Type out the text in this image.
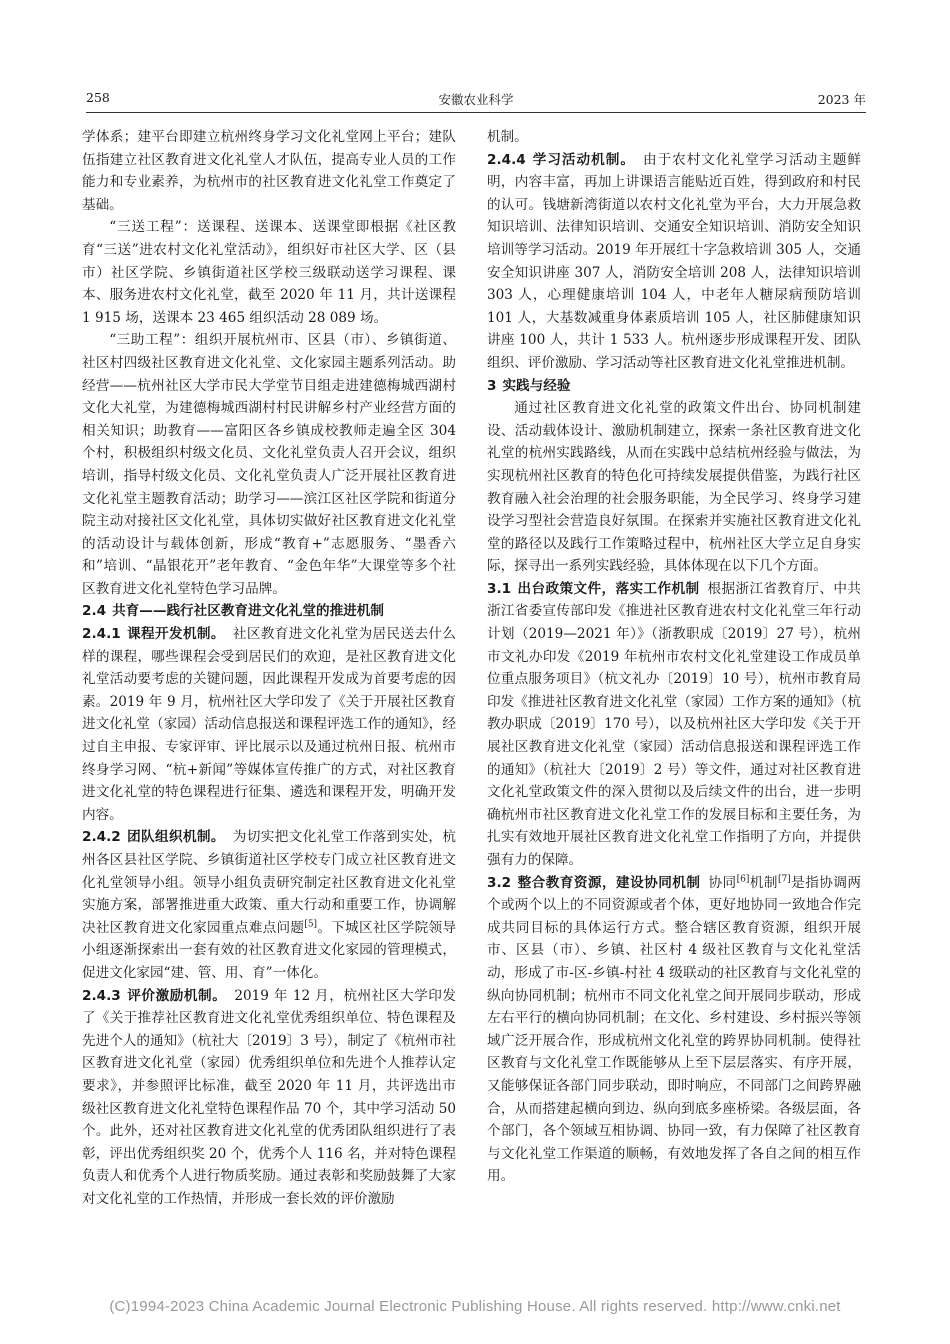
258	安徽农业科学	2023 年

学体系；建平台即建立杭州终身学习文化礼堂网上平台；建队伍指建立社区教育进文化礼堂人才队伍，提高专业人员的工作能力和专业素养，为杭州市的社区教育进文化礼堂工作奠定了基础。

“三送工程”：送课程、送课本、送课堂即根据《社区教育“三送”进农村文化礼堂活动》，组织好市社区大学、区（县市）社区学院、乡镇街道社区学校三级联动送学习课程、课本、服务进农村文化礼堂，截至 2020 年 11 月，共计送课程 1 915 场，送课本 23 465 组织活动 28 089 场。

“三助工程”：组织开展杭州市、区县（市）、乡镇街道、社区村四级社区教育进文化礼堂、文化家园主题系列活动。助经营——杭州社区大学市民大学堂节目组走进建德梅城西湖村文化大礼堂，为建德梅城西湖村村民讲解乡村产业经营方面的相关知识；助教育——富阳区各乡镇成校教师走遍全区 304 个村，积极组织村级文化员、文化礼堂负责人召开会议，组织培训，指导村级文化员、文化礼堂负责人广泛开展社区教育进文化礼堂主题教育活动；助学习——滨江区社区学院和街道分院主动对接社区文化礼堂，具体切实做好社区教育进文化礼堂的活动设计与载体创新，形成“教育+”志愿服务、“墨香六和”培训、“晶银花开”老年教育、“金色年华”大课堂等多个社区教育进文化礼堂特色学习品牌。

2.4 共育——践行社区教育进文化礼堂的推进机制

2.4.1 课程开发机制。 社区教育进文化礼堂为居民送去什么样的课程，哪些课程会受到居民们的欢迎，是社区教育进文化礼堂活动要考虑的关键问题，因此课程开发成为首要考虑的因素。2019 年 9 月，杭州社区大学印发了《关于开展社区教育进文化礼堂（家园）活动信息报送和课程评选工作的通知》，经过自主申报、专家评审、评比展示以及通过杭州日报、杭州市终身学习网、“杭+新闻”等媒体宣传推广的方式，对社区教育进文化礼堂的特色课程进行征集、遴选和课程开发，明确开发内容。

2.4.2 团队组织机制。 为切实把文化礼堂工作落到实处，杭州各区县社区学院、乡镇街道社区学校专门成立社区教育进文化礼堂领导小组。领导小组负责研究制定社区教育进文化礼堂实施方案，部署推进重大政策、重大行动和重要工作，协调解决社区教育进文化家园重点难点问题[5]。下城区社区学院领导小组逐渐探索出一套有效的社区教育进文化家园的管理模式，促进文化家园“建、管、用、育”一体化。

2.4.3 评价激励机制。 2019 年 12 月，杭州社区大学印发了《关于推荐社区教育进文化礼堂优秀组织单位、特色课程及先进个人的通知》（杭社大〔2019〕3 号），制定了《杭州市社区教育进文化礼堂（家园）优秀组织单位和先进个人推荐认定要求》，并参照评比标准，截至 2020 年 11 月，共评选出市级社区教育进文化礼堂特色课程作品 70 个，其中学习活动 50 个。此外，还对社区教育进文化礼堂的优秀团队组织进行了表彰，评出优秀组织奖 20 个，优秀个人 116 名，并对特色课程负责人和优秀个人进行物质奖励。通过表彰和奖励鼓舞了大家对文化礼堂的工作热情，并形成一套长效的评价激励

机制。

2.4.4 学习活动机制。 由于农村文化礼堂学习活动主题鲜明，内容丰富，再加上讲课语言能贴近百姓，得到政府和村民的认可。钱塘新湾街道以农村文化礼堂为平台，大力开展急救知识培训、法律知识培训、交通安全知识培训、消防安全知识培训等学习活动。2019 年开展红十字急救培训 305 人，交通安全知识讲座 307 人，消防安全培训 208 人，法律知识培训 303 人，心理健康培训 104 人，中老年人糖尿病预防培训 101 人，大基数减重身体素质培训 105 人，社区肺健康知识讲座 100 人，共计 1 533 人。杭州逐步形成课程开发、团队组织、评价激励、学习活动等社区教育进文化礼堂推进机制。

3 实践与经验

通过社区教育进文化礼堂的政策文件出台、协同机制建设、活动载体设计、激励机制建立，探索一条社区教育进文化礼堂的杭州实践路线，从而在实践中总结杭州经验与做法，为实现杭州社区教育的特色化可持续发展提供借鉴，为践行社区教育融入社会治理的社会服务职能，为全民学习、终身学习建设学习型社会营造良好氛围。在探索并实施社区教育进文化礼堂的路径以及践行工作策略过程中，杭州社区大学立足自身实际，探寻出一系列实践经验，具体体现在以下几个方面。

3.1 出台政策文件，落实工作机制 根据浙江省教育厅、中共浙江省委宣传部印发《推进社区教育进农村文化礼堂三年行动计划（2019—2021 年）》（浙教职成〔2019〕27 号），杭州市文礼办印发《2019 年杭州市农村文化礼堂建设工作成员单位重点服务项目》（杭文礼办〔2019〕10 号），杭州市教育局印发《推进社区教育进文化礼堂（家园）工作方案的通知》（杭教办职成〔2019〕170 号），以及杭州社区大学印发《关于开展社区教育进文化礼堂（家园）活动信息报送和课程评选工作的通知》（杭社大〔2019〕2 号）等文件，通过对社区教育进文化礼堂政策文件的深入贯彻以及后续文件的出台，进一步明确杭州市社区教育进文化礼堂工作的发展目标和主要任务，为扎实有效地开展社区教育进文化礼堂工作指明了方向，并提供强有力的保障。

3.2 整合教育资源，建设协同机制 协同[6]机制[7]是指协调两个或两个以上的不同资源或者个体，更好地协同一致地合作完成共同目标的具体运行方式。整合辖区教育资源，组织开展市、区县（市）、乡镇、社区村 4 级社区教育与文化礼堂活动，形成了市-区-乡镇-村社 4 级联动的社区教育与文化礼堂的纵向协同机制；杭州市不同文化礼堂之间开展同步联动，形成左右平行的横向协同机制；在文化、乡村建设、乡村振兴等领域广泛开展合作，形成杭州文化礼堂的跨界协同机制。使得社区教育与文化礼堂工作既能够从上至下层层落实、有序开展，又能够保证各部门同步联动，即时响应，不同部门之间跨界融合，从而搭建起横向到边、纵向到底多座桥梁。各级层面，各个部门，各个领域互相协调、协同一致，有力保障了社区教育与文化礼堂工作渠道的顺畅，有效地发挥了各自之间的相互作用。

(C)1994-2023 China Academic Journal Electronic Publishing House. All rights reserved. http://www.cnki.net
